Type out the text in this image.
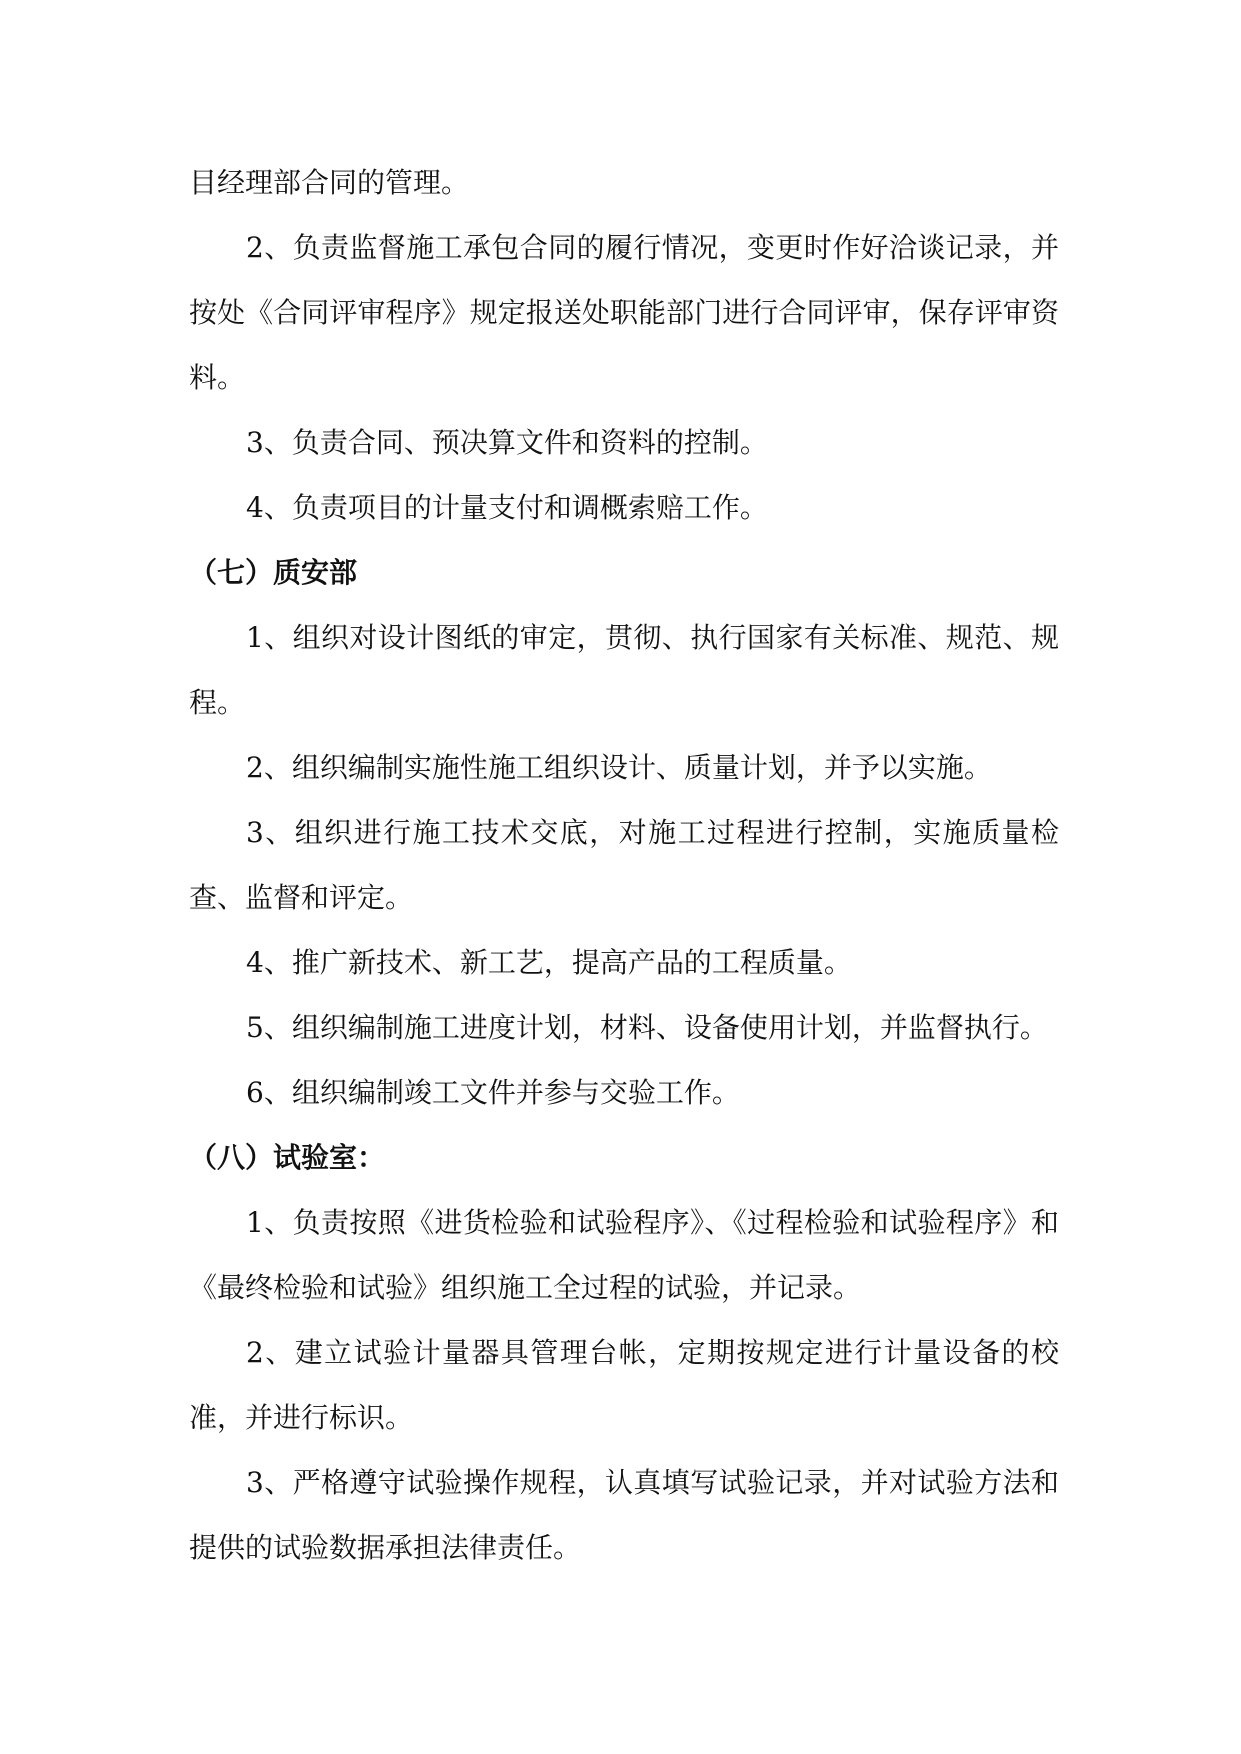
目经理部合同的管理。

2、负责监督施工承包合同的履行情况，变更时作好洽谈记录，并按处《合同评审程序》规定报送处职能部门进行合同评审，保存评审资料。

3、负责合同、预决算文件和资料的控制。

4、负责项目的计量支付和调概索赔工作。

（七）质安部

1、组织对设计图纸的审定，贯彻、执行国家有关标准、规范、规程。

2、组织编制实施性施工组织设计、质量计划，并予以实施。

3、组织进行施工技术交底，对施工过程进行控制，实施质量检查、监督和评定。

4、推广新技术、新工艺，提高产品的工程质量。

5、组织编制施工进度计划，材料、设备使用计划，并监督执行。

6、组织编制竣工文件并参与交验工作。

（八）试验室：

1、负责按照《进货检验和试验程序》、《过程检验和试验程序》和《最终检验和试验》组织施工全过程的试验，并记录。

2、建立试验计量器具管理台帐，定期按规定进行计量设备的校准，并进行标识。

3、严格遵守试验操作规程，认真填写试验记录，并对试验方法和提供的试验数据承担法律责任。
